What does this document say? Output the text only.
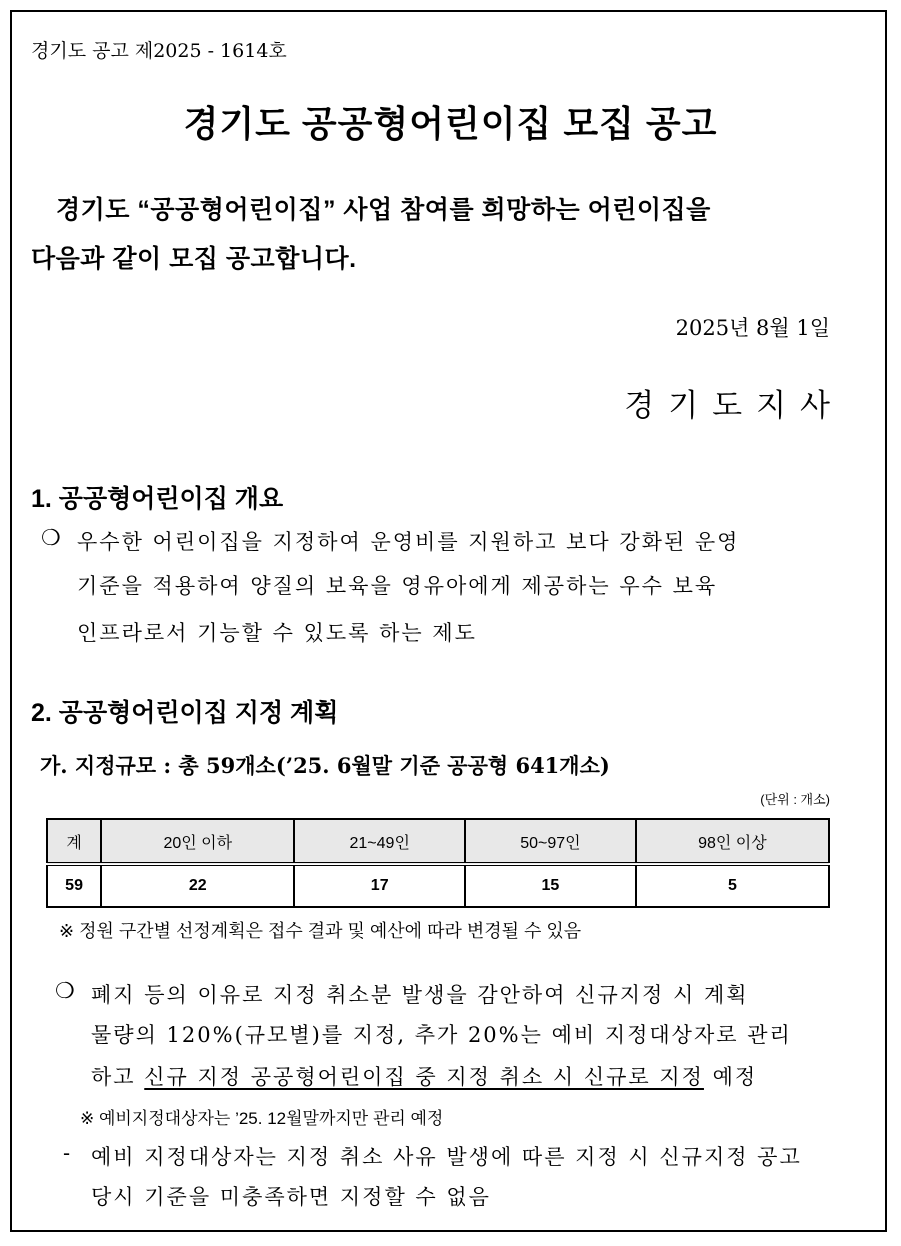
경기도 공고 제2025 - 1614호
경기도 공공형어린이집 모집 공고
경기도 “공공형어린이집” 사업 참여를 희망하는 어린이집을
다음과 같이 모집 공고합니다.
2025년 8월 1일
경기도지사
1. 공공형어린이집 개요
❍ 우수한 어린이집을 지정하여 운영비를 지원하고 보다 강화된 운영
기준을 적용하여 양질의 보육을 영유아에게 제공하는 우수 보육
인프라로서 기능할 수 있도록 하는 제도
2. 공공형어린이집 지정 계획
가. 지정규모 : 총 59개소(’25. 6월말 기준 공공형 641개소)
(단위 : 개소)
계	20인 이하	21~49인	50~97인	98인 이상
59	22	17	15	5
※ 정원 구간별 선정계획은 접수 결과 및 예산에 따라 변경될 수 있음
❍ 폐지 등의 이유로 지정 취소분 발생을 감안하여 신규지정 시 계획
물량의 120%(규모별)를 지정, 추가 20%는 예비 지정대상자로 관리
하고 신규 지정 공공형어린이집 중 지정 취소 시 신규로 지정 예정
※ 예비지정대상자는 ’25. 12월말까지만 관리 예정
- 예비 지정대상자는 지정 취소 사유 발생에 따른 지정 시 신규지정 공고
당시 기준을 미충족하면 지정할 수 없음
